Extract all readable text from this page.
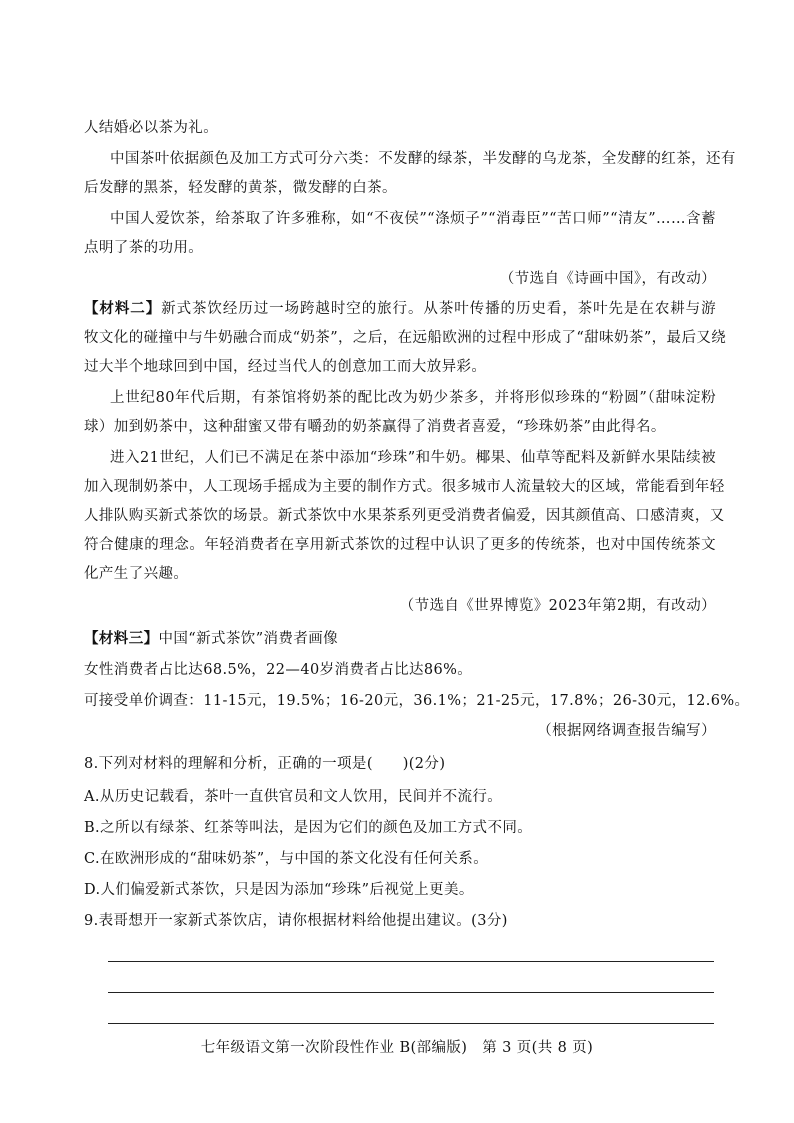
人结婚必以茶为礼。
中国茶叶依据颜色及加工方式可分六类：不发酵的绿茶，半发酵的乌龙茶，全发酵的红茶，还有
后发酵的黑茶，轻发酵的黄茶，微发酵的白茶。
中国人爱饮茶，给茶取了许多雅称，如“不夜侯”“涤烦子”“消毒臣”“苦口师”“清友”……含蓄
点明了茶的功用。
（节选自《诗画中国》，有改动）
【材料二】新式茶饮经历过一场跨越时空的旅行。从茶叶传播的历史看，茶叶先是在农耕与游
牧文化的碰撞中与牛奶融合而成“奶茶”，之后，在远船欧洲的过程中形成了“甜味奶茶”，最后又绕
过大半个地球回到中国，经过当代人的创意加工而大放异彩。
上世纪80年代后期，有茶馆将奶茶的配比改为奶少茶多，并将形似珍珠的“粉圆”（甜味淀粉
球）加到奶茶中，这种甜蜜又带有嚼劲的奶茶赢得了消费者喜爱，“珍珠奶茶”由此得名。
进入21世纪，人们已不满足在茶中添加“珍珠”和牛奶。椰果、仙草等配料及新鲜水果陆续被
加入现制奶茶中，人工现场手摇成为主要的制作方式。很多城市人流量较大的区域，常能看到年轻
人排队购买新式茶饮的场景。新式茶饮中水果茶系列更受消费者偏爱，因其颜值高、口感清爽，又
符合健康的理念。年轻消费者在享用新式茶饮的过程中认识了更多的传统茶，也对中国传统茶文
化产生了兴趣。
（节选自《世界博览》2023年第2期，有改动）
【材料三】中国“新式茶饮”消费者画像
女性消费者占比达68.5%，22—40岁消费者占比达86%。
可接受单价调查：11-15元，19.5%；16-20元，36.1%；21-25元，17.8%；26-30元，12.6%。
（根据网络调查报告编写）
8.下列对材料的理解和分析，正确的一项是(　　)(2分)
A.从历史记载看，茶叶一直供官员和文人饮用，民间并不流行。
B.之所以有绿茶、红茶等叫法，是因为它们的颜色及加工方式不同。
C.在欧洲形成的“甜味奶茶”，与中国的茶文化没有任何关系。
D.人们偏爱新式茶饮，只是因为添加“珍珠”后视觉上更美。
9.表哥想开一家新式茶饮店，请你根据材料给他提出建议。(3分)
七年级语文第一次阶段性作业 B(部编版)　第 3 页(共 8 页)
